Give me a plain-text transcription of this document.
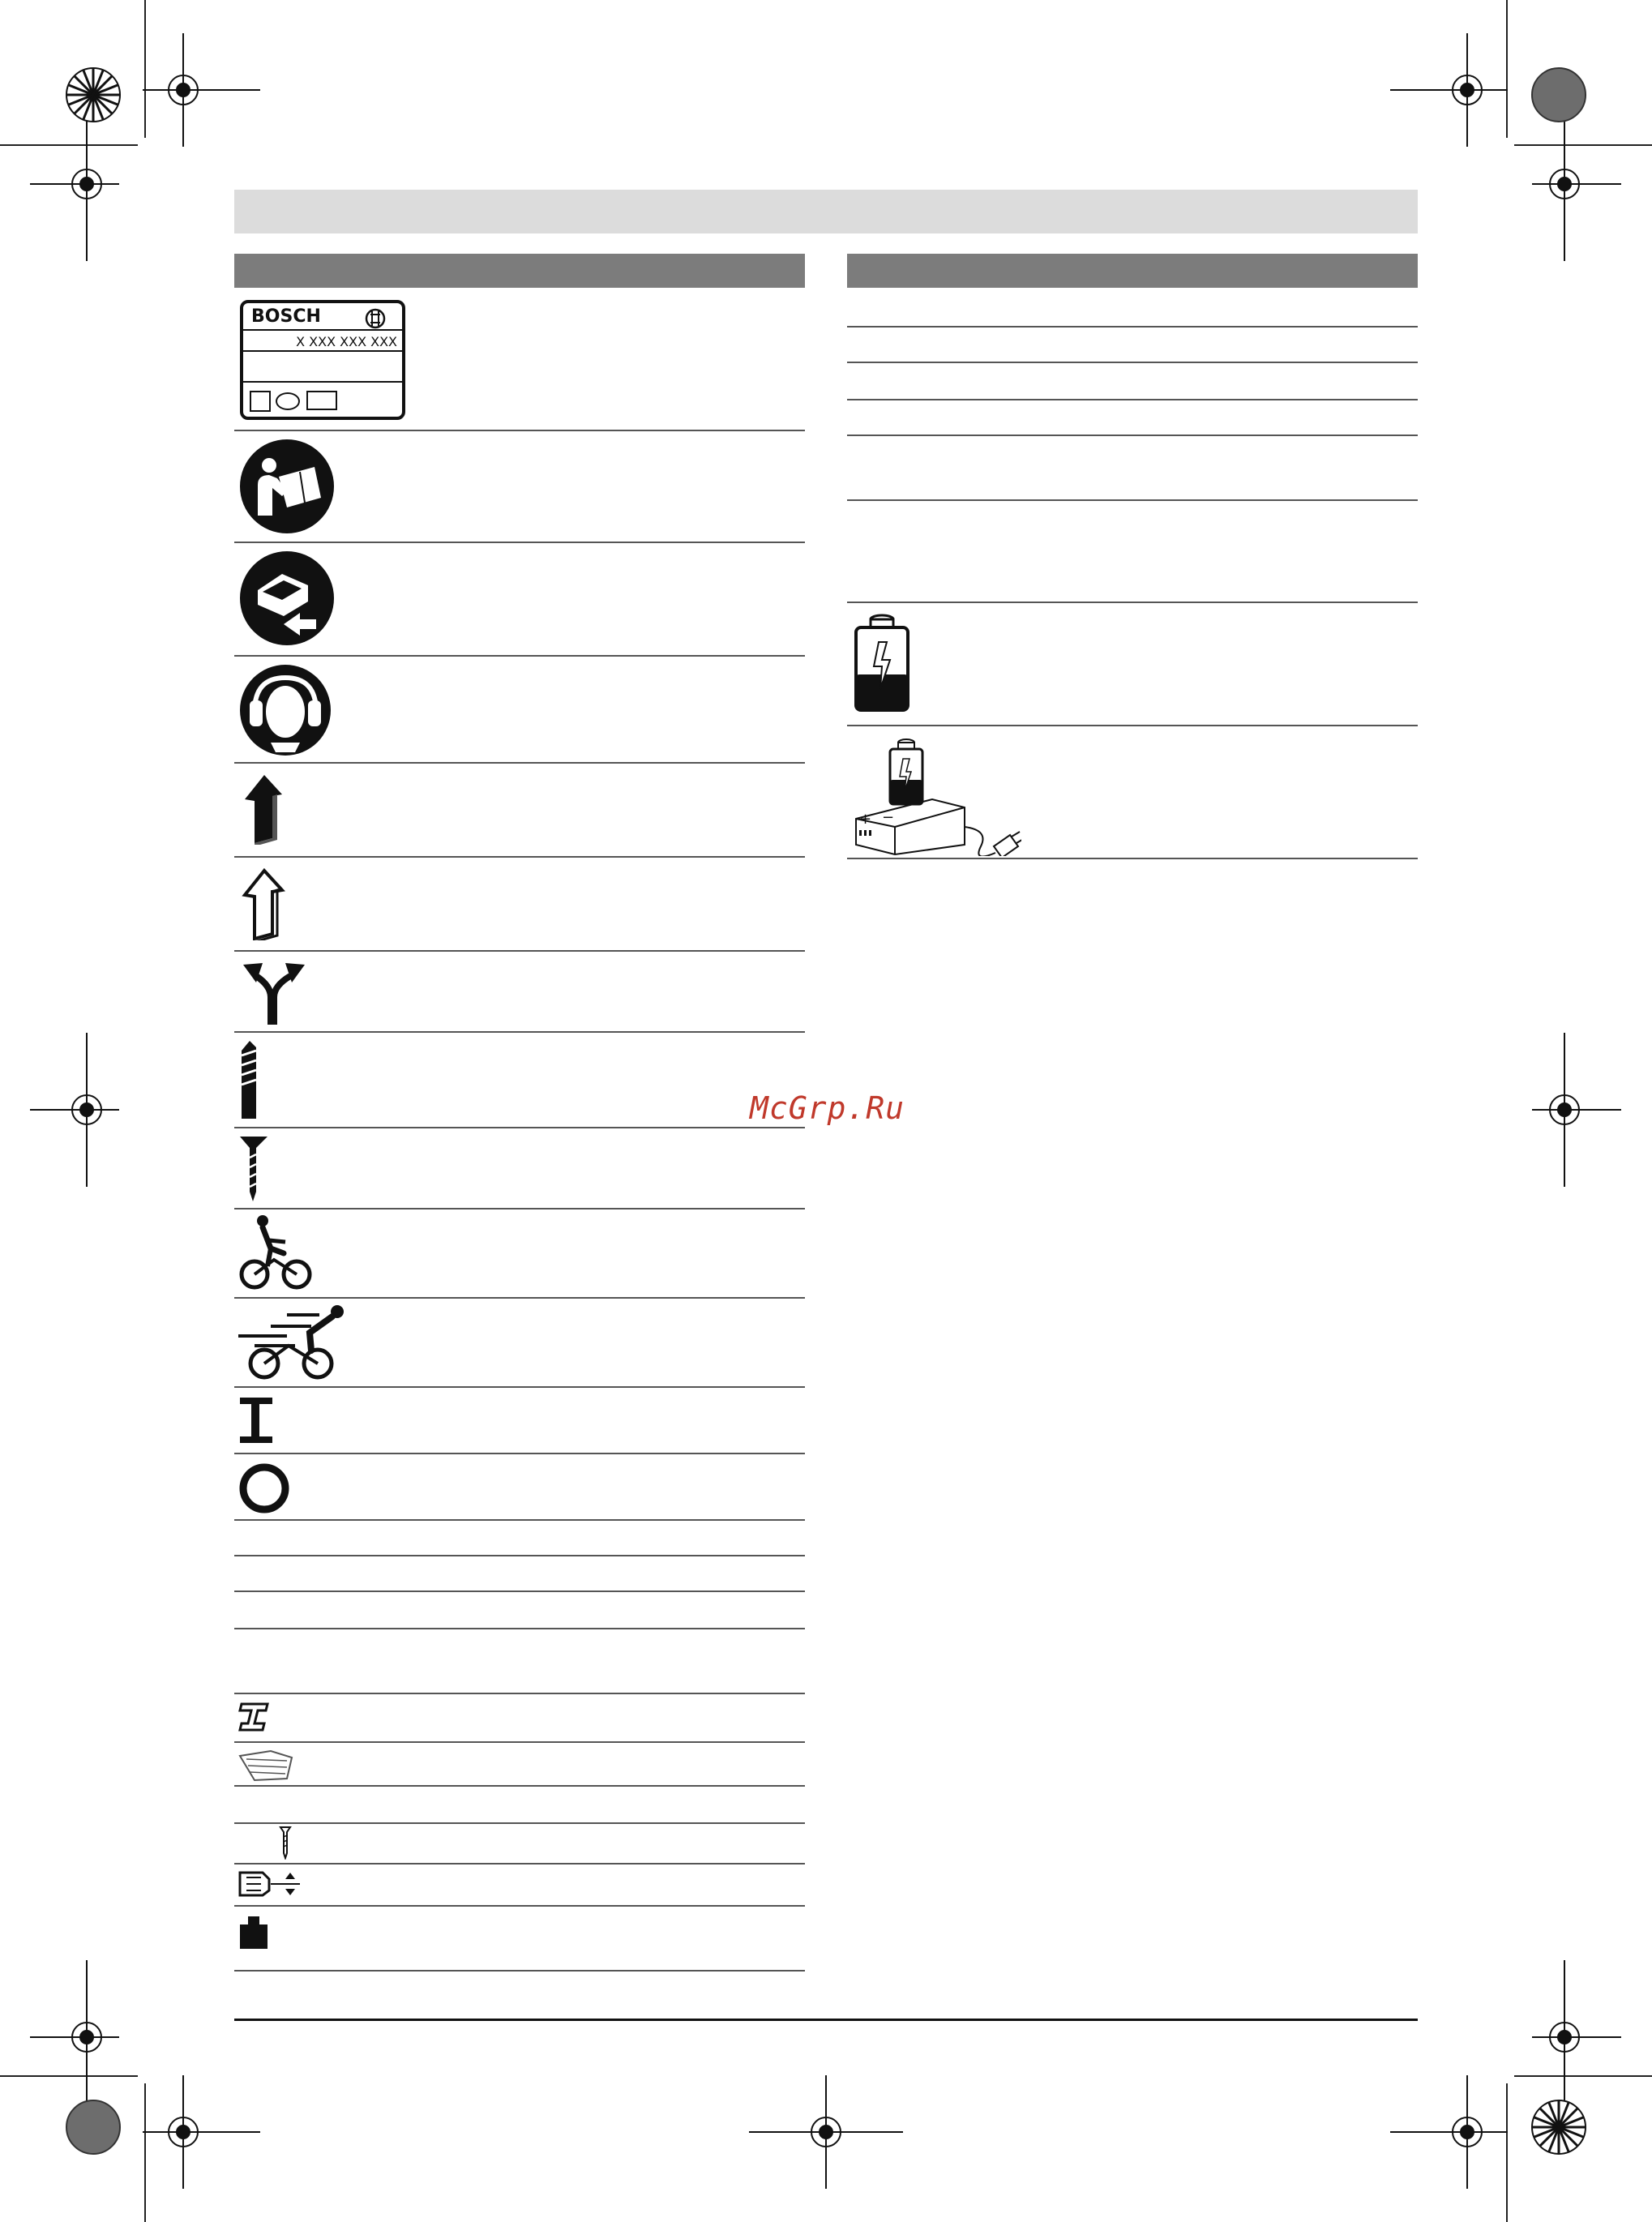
BOSCH
X XXX XXX XXX
+ −
McGrp.Ru
